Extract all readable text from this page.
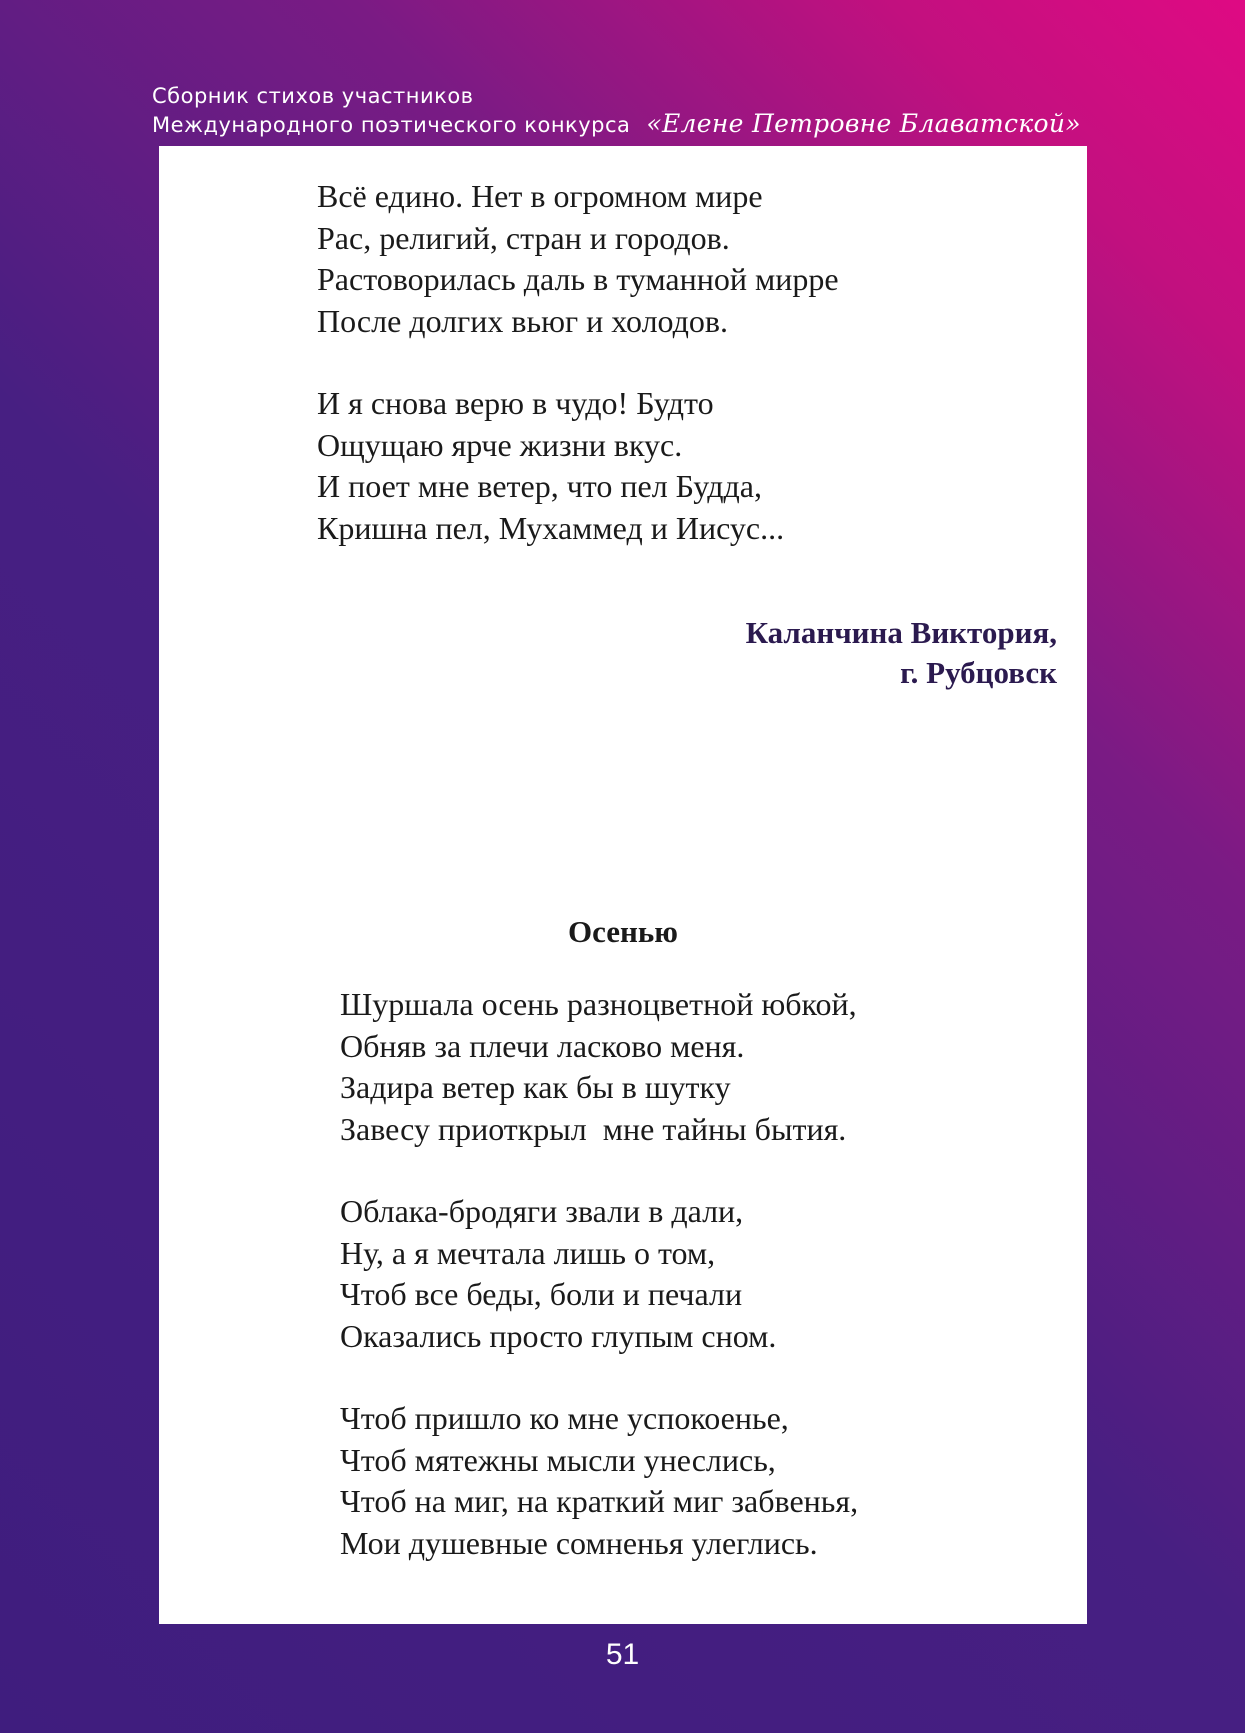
Сборник стихов участников
Международного поэтического конкурса «Елене Петровне Блаватской»
Всё едино. Нет в огромном мире
Рас, религий, стран и городов.
Растоворилась даль в туманной мирре
После долгих вьюг и холодов.
И я снова верю в чудо! Будто
Ощущаю ярче жизни вкус.
И поет мне ветер, что пел Будда,
Кришна пел, Мухаммед и Иисус...
Каланчина Виктория,
г. Рубцовск
Осенью
Шуршала осень разноцветной юбкой,
Обняв за плечи ласково меня.
Задира ветер как бы в шутку
Завесу приоткрыл  мне тайны бытия.
Облака-бродяги звали в дали,
Ну, а я мечтала лишь о том,
Чтоб все беды, боли и печали
Оказались просто глупым сном.
Чтоб пришло ко мне успокоенье,
Чтоб мятежны мысли унеслись,
Чтоб на миг, на краткий миг забвенья,
Мои душевные сомненья улеглись.
51
